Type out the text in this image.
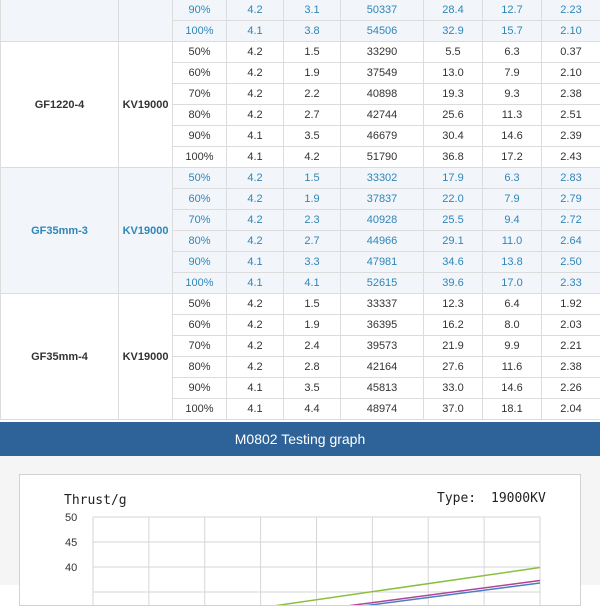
		90%	4.2	3.1	50337	28.4	12.7	2.23
		100%	4.1	3.8	54506	32.9	15.7	2.10
GF1220-4	KV19000	50%	4.2	1.5	33290	5.5	6.3	0.37
		60%	4.2	1.9	37549	13.0	7.9	2.10
		70%	4.2	2.2	40898	19.3	9.3	2.38
		80%	4.2	2.7	42744	25.6	11.3	2.51
		90%	4.1	3.5	46679	30.4	14.6	2.39
		100%	4.1	4.2	51790	36.8	17.2	2.43
GF35mm-3	KV19000	50%	4.2	1.5	33302	17.9	6.3	2.83
		60%	4.2	1.9	37837	22.0	7.9	2.79
		70%	4.2	2.3	40928	25.5	9.4	2.72
		80%	4.2	2.7	44966	29.1	11.0	2.64
		90%	4.1	3.3	47981	34.6	13.8	2.50
		100%	4.1	4.1	52615	39.6	17.0	2.33
GF35mm-4	KV19000	50%	4.2	1.5	33337	12.3	6.4	1.92
		60%	4.2	1.9	36395	16.2	8.0	2.03
		70%	4.2	2.4	39573	21.9	9.9	2.21
		80%	4.2	2.8	42164	27.6	11.6	2.38
		90%	4.1	3.5	45813	33.0	14.6	2.26
		100%	4.1	4.4	48974	37.0	18.1	2.04
M0802 Testing graph
50
45
40
Thrust/g	Type: 19000KV
